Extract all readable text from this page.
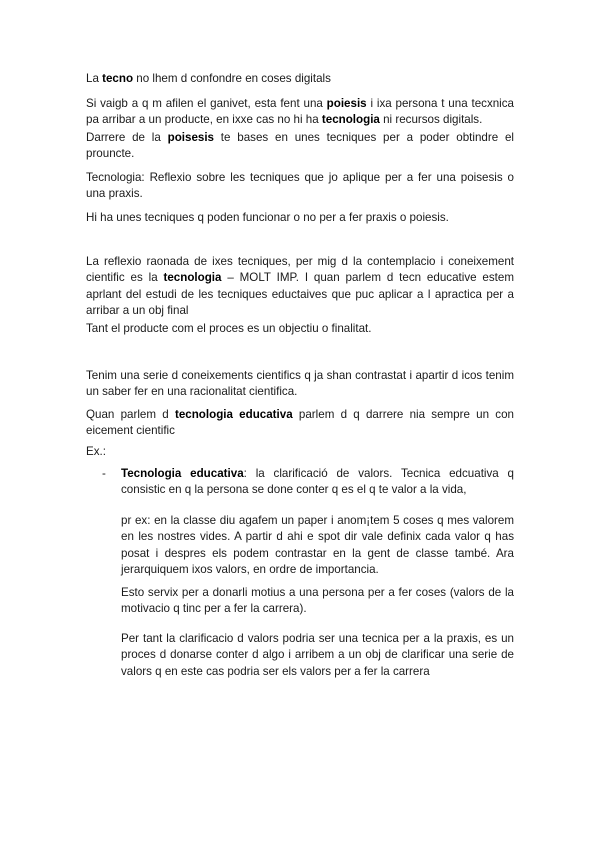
La tecno no lhem d confondre en coses digitals

Si vaigb a q m afilen el ganivet, esta fent una poiesis i ixa persona t una tecxnica pa arribar a un producte, en ixxe cas no hi ha tecnologia ni recursos digitals.

Darrere de la poisesis te bases en unes tecniques per a poder obtindre el prouncte.

Tecnologia: Reflexio sobre les tecniques que jo aplique per a fer una poisesis o una praxis.

Hi ha unes tecniques q poden funcionar o no per a fer praxis o poiesis.

La reflexio raonada de ixes tecniques, per mig d la contemplacio i coneixement cientific es la tecnologia – MOLT IMP. I quan parlem d tecn educative estem aprlant del estudi de les tecniques eductaives que puc aplicar a l apractica per a arribar a un obj final

Tant el producte com el proces es un objectiu o finalitat.

Tenim una serie d coneixements cientifics q ja shan contrastat i apartir d icos tenim un saber fer en una racionalitat cientifica.

Quan parlem d tecnologia educativa parlem d q darrere nia sempre un con eicement cientific

Ex.:

- Tecnologia educativa: la clarificació de valors. Tecnica edcuativa q consistic en q la persona se done conter q es el q te valor a la vida,

pr ex: en la classe diu agafem un paper i anom¡tem 5 coses q mes valorem en les nostres vides. A partir d ahi e spot dir vale definix cada valor q has posat i despres els podem contrastar en la gent de classe també. Ara jerarquiquem ixos valors, en ordre de importancia.

Esto servix per a donarli motius a una persona per a fer coses (valors de la motivacio q tinc per a fer la carrera).

Per tant la clarificacio d valors podria ser una tecnica per a la praxis, es un proces d donarse conter d algo i arribem a un obj de clarificar una serie de valors q en este cas podria ser els valors per a fer la carrera
